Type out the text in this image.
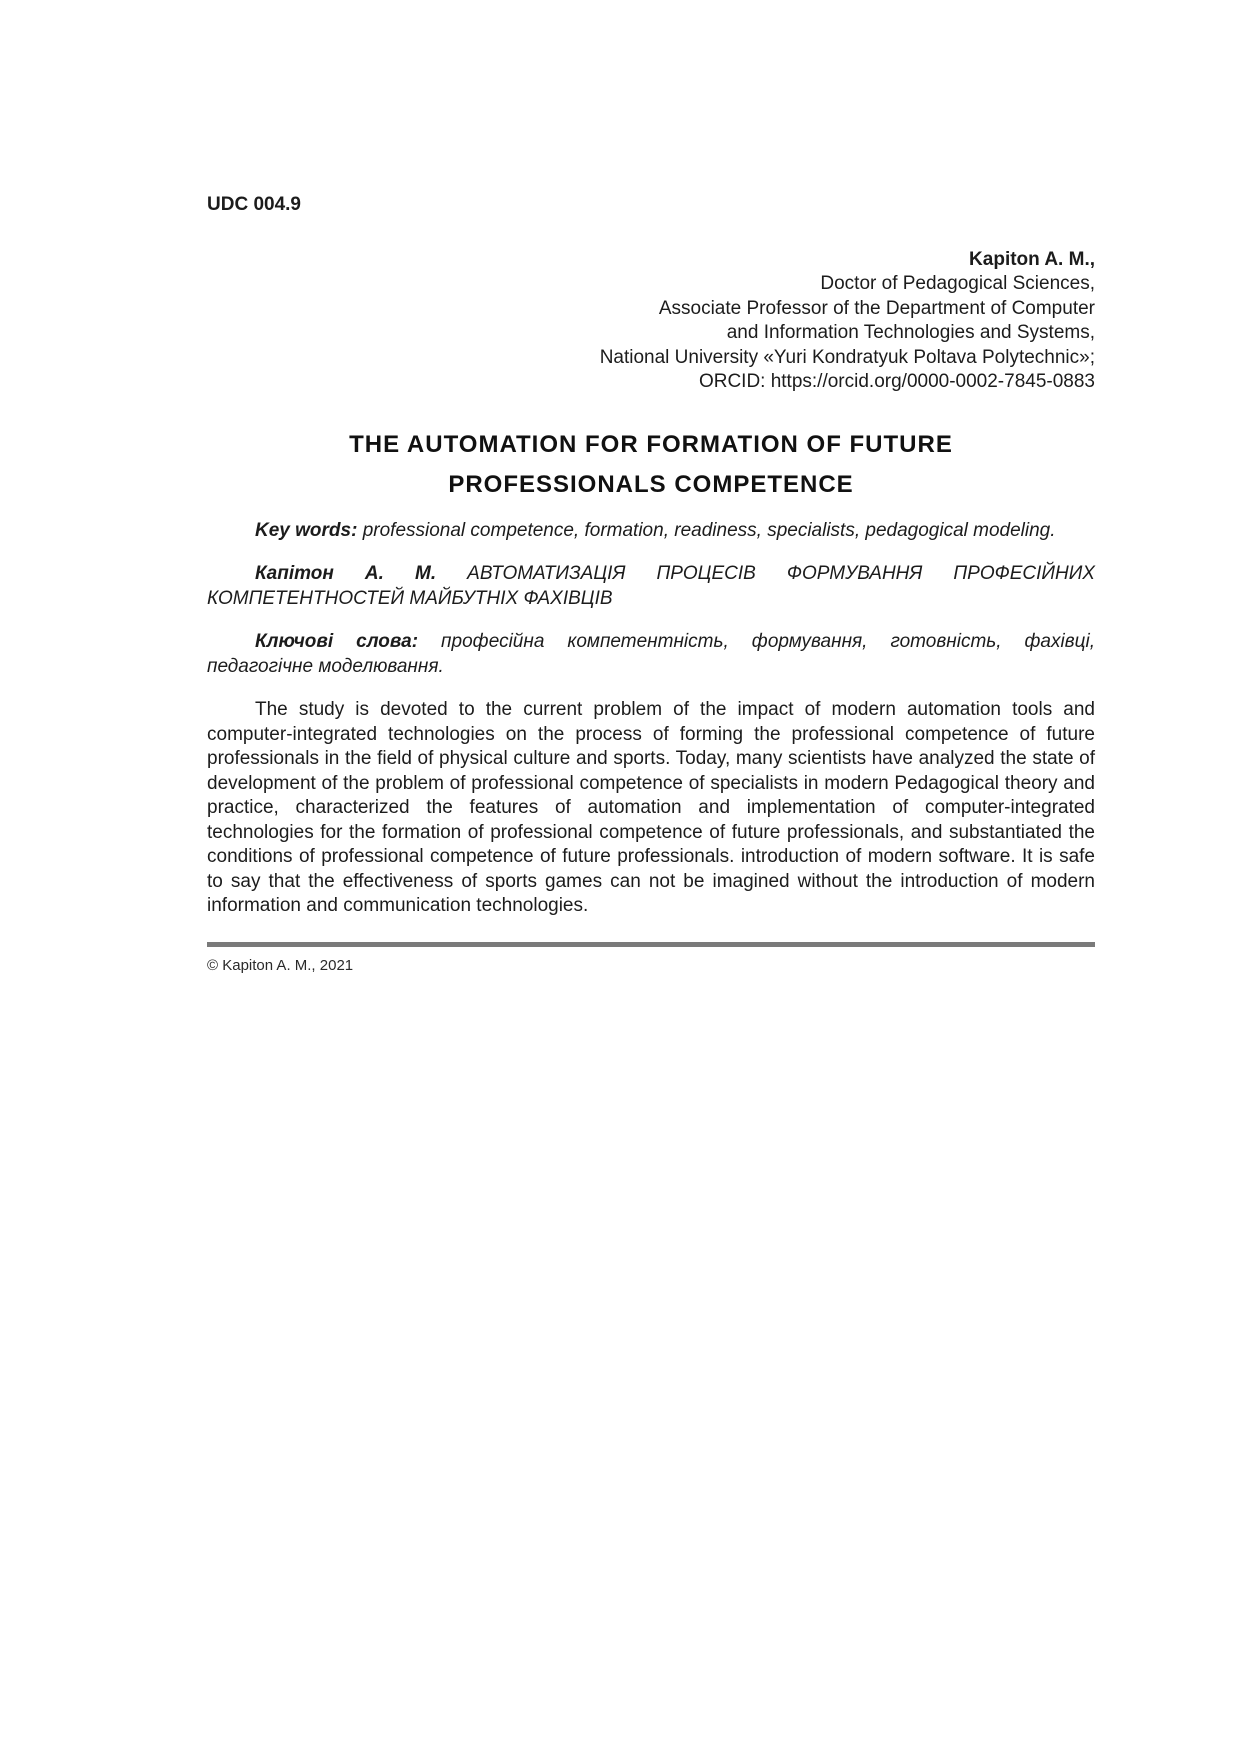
UDC 004.9
Kapiton A. M.,
Doctor of Pedagogical Sciences,
Associate Professor of the Department of Computer
and Information Technologies and Systems,
National University «Yuri Kondratyuk Poltava Polytechnic»;
ORCID: https://orcid.org/0000-0002-7845-0883
THE AUTOMATION FOR FORMATION OF FUTURE
PROFESSIONALS COMPETENCE

Key words: professional competence, formation, readiness, specialists, pedagogical modeling.

Капітон А. М. АВТОМАТИЗАЦІЯ ПРОЦЕСІВ ФОРМУВАННЯ ПРОФЕСІЙНИХ КОМПЕТЕНТНОСТЕЙ МАЙБУТНІХ ФАХІВЦІВ

Ключові слова: професійна компетентність, формування, готовність, фахівці, педагогічне моделювання.

The study is devoted to the current problem of the impact of modern automation tools and computer-integrated technologies on the process of forming the professional competence of future professionals in the field of physical culture and sports. Today, many scientists have analyzed the state of development of the problem of professional competence of specialists in modern Pedagogical theory and practice, characterized the features of automation and implementation of computer-integrated technologies for the formation of professional competence of future professionals, and substantiated the conditions of professional competence of future professionals. introduction of modern software. It is safe to say that the effectiveness of sports games can not be imagined without the introduction of modern information and communication technologies.

© Kapiton A. M., 2021
